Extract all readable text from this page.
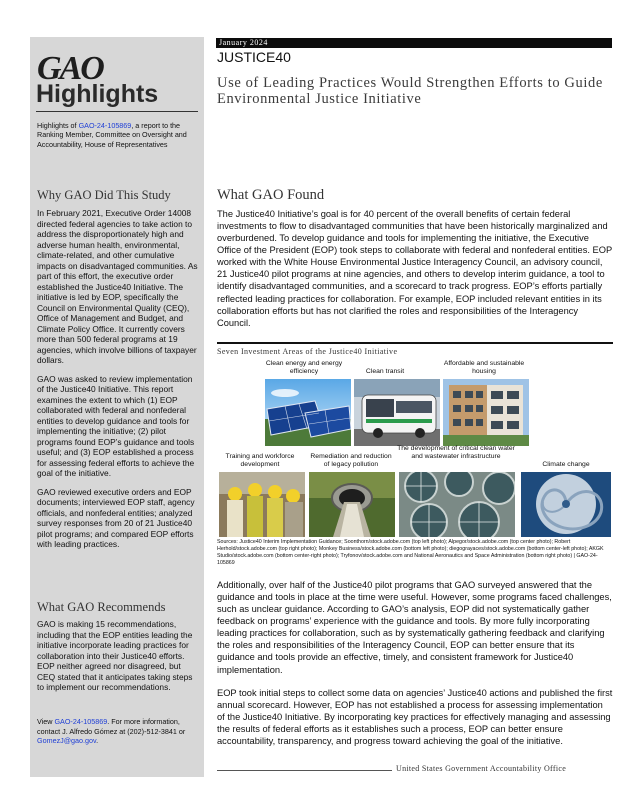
GAO
Highlights
Highlights of GAO-24-105869, a report to the Ranking Member, Committee on Oversight and Accountability, House of Representatives
Why GAO Did This Study

In February 2021, Executive Order 14008 directed federal agencies to take action to address the disproportionately high and adverse human health, environmental, climate-related, and other cumulative impacts on disadvantaged communities. As part of this effort, the executive order established the Justice40 Initiative. The initiative is led by EOP, specifically the Council on Environmental Quality (CEQ), Office of Management and Budget, and Climate Policy Office. It currently covers more than 500 federal programs at 19 agencies, which involve billions of taxpayer dollars.

GAO was asked to review implementation of the Justice40 Initiative. This report examines the extent to which (1) EOP collaborated with federal and nonfederal entities to develop guidance and tools for implementing the initiative; (2) pilot programs found EOP’s guidance and tools useful; and (3) EOP established a process for assessing federal efforts to achieve the goal of the initiative.

GAO reviewed executive orders and EOP documents; interviewed EOP staff, agency officials, and nonfederal entities; analyzed survey responses from 20 of 21 Justice40 pilot programs; and compared EOP efforts with leading practices.

What GAO Recommends

GAO is making 15 recommendations, including that the EOP entities leading the initiative incorporate leading practices for collaboration into their Justice40 efforts. EOP neither agreed nor disagreed, but CEQ stated that it anticipates taking steps to implement our recommendations.

View GAO-24-105869. For more information, contact J. Alfredo Gómez at (202)-512-3841 or GomezJ@gao.gov.
January 2024
JUSTICE40
Use of Leading Practices Would Strengthen Efforts to Guide Environmental Justice Initiative
What GAO Found
The Justice40 Initiative’s goal is for 40 percent of the overall benefits of certain federal investments to flow to disadvantaged communities that have been historically marginalized and overburdened. To develop guidance and tools for implementing the initiative, the Executive Office of the President (EOP) took steps to collaborate with federal and nonfederal entities. EOP worked with the White House Environmental Justice Interagency Council, an advisory council, 21 Justice40 pilot programs at nine agencies, and others to develop interim guidance, a tool to identify disadvantaged communities, and a scorecard to track progress. EOP’s efforts partially reflected leading practices for collaboration. For example, EOP included relevant entities in its collaboration efforts but has not clarified the roles and responsibilities of the Interagency Council.
Seven Investment Areas of the Justice40 Initiative
Clean energy and energy efficiency	Clean transit
Affordable and sustainable housing
Training and workforce development
Remediation and reduction of legacy pollution
The development of critical clean water and wastewater infrastructure
Climate change
Sources: Justice40 Interim Implementation Guidance; Soonthorn/stock.adobe.com (top left photo); Alpegor/stock.adobe.com (top center photo); Robert Herhold/stock.adobe.com (top right photo); Monkey Business/stock.adobe.com (bottom left photo); diegograyaces/stock.adobe.com (bottom center-left photo); AKGK Studio/stock.adobe.com (bottom center-right photo); Tryfonov/stock.adobe.com and National Aeronautics and Space Administration (bottom right photo) | GAO-24-105869
Additionally, over half of the Justice40 pilot programs that GAO surveyed answered that the guidance and tools in place at the time were useful. However, some programs faced challenges, such as unclear guidance. According to GAO’s analysis, EOP did not systematically gather feedback on programs’ experience with the guidance and tools. By more fully incorporating leading practices for collaboration, such as by systematically gathering feedback and clarifying the roles and responsibilities of the Interagency Council, EOP can better ensure that its guidance and tools provide an effective, timely, and consistent framework for Justice40 implementation.
EOP took initial steps to collect some data on agencies’ Justice40 actions and published the first annual scorecard. However, EOP has not established a process for assessing implementation of the Justice40 Initiative. By incorporating key practices for effectively managing and assessing the results of federal efforts as it establishes such a process, EOP can better ensure accountability, transparency, and progress toward achieving the goal of the initiative.
United States Government Accountability Office
